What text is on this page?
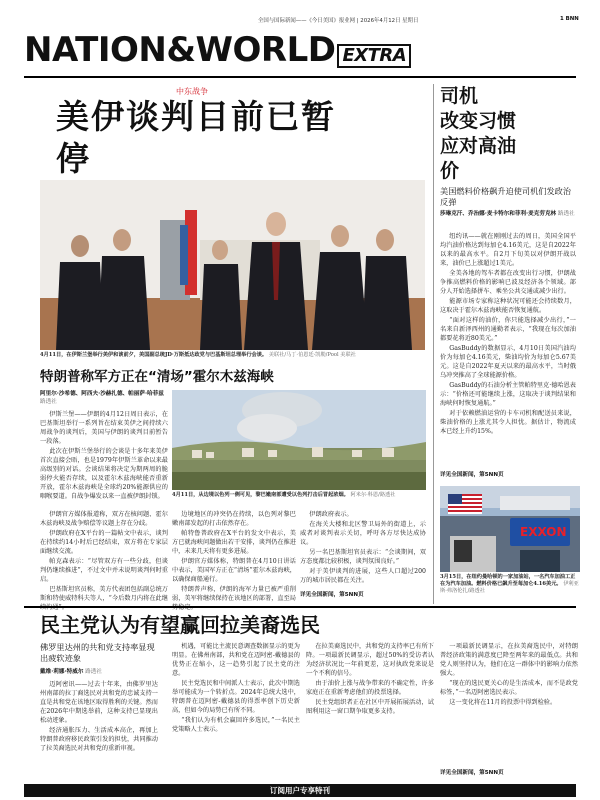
全国与国际新闻——《今日美国》报业网 | 2026年4月12日 星期日	1 BNN
NATION&WORLD EXTRA
中东战争
美伊谈判目前已暂
停
4月11日，在伊斯兰堡举行美伊和谈前夕，美国副总统JD·万斯抵达政党与巴基斯坦总理举行会谈。 美联社/马丁·伯恩廷·凯勒/Pool 美联社
特朗普称军方正在“清场”霍尔木兹海峡
阿里尔·沙希德、阿西夫·沙赫扎德、帕丽萨·哈菲兹 路透社

伊斯兰堡——伊朗的4月12日周日表示，在巴基斯坦举行一系列旨在结束美伊之间持续六周战争的谈判后，美国与伊朗的谈判目前暂告一段落。

此次在伊斯兰堡举行的会谈是十多年来美伊首次直接会晤，也是1979年伊斯兰革命以来最高级别的对话。会谈结果将决定为期两周的脆弱停火能否存续，以及霍尔木兹海峡能否重新开放，霍尔木兹海峡是全球约20%能源供应的咽喉要道。自战争爆发以来一直被伊朗封锁。

伊朗官方媒体报道称，双方在核问题、霍尔木兹海峡及战争赔偿等议题上存在分歧。

伊朗政府在X平台的一篇帖文中表示，谈判在持续约14小时后已经结束，双方将在专家层面继续交流。

帕克森表示：“尽管双方有一些分歧，但谈判仍继续推进”，不过文中并未说明谈判何时重启。

巴基斯坦官员称，美方代表团包括副总统万斯和特使威特科夫等人，“今后数月内将在此继

4月11日，从边境以色列一侧可见，黎巴嫩南部遭受以色列打击后冒起浓烟。 阿米尔·科恩/路透社

边境地区的冲突仍在持续，以色列对黎巴嫩南部发起的打击依然存在。

帕特鲁普政府在X平台的发文中表示，美方已就海峡问题做出若干安排，谈判仍在推进中，未来几天将有更多进展。

伊朗官方媒体称，特朗普在4月10日讲话中表示，美国军方正在“清场”霍尔木兹海峡，以确保商船通行。

特朗普声称，伊朗的海军力量已被严重削弱，美军将继续保持在该地区的部署，直至局

伊朗政府表示。

在海关大楼和北区警卫局外的街道上，示威者对谈判表示关切，呼吁各方尽快达成协议。

另一名巴基斯坦官员表示：“会谈期间，双方态度都比较积极，谈判氛围良好。”

对于美伊谈判的进展，这些人口超过200万的城市居民都在关注。

详见全国新闻，第5NN页
司机
改变习惯
应对高油
价
美国燃料价格飙升迫使司机们发政治反弹
莎琳克汗、乔治娜·麦卡特尔和菲利·麦克劳克林 路透社

纽约讯——就在刚刚过去的周日，美国全国平均汽油价格达到每加仑4.16美元，这是自2022年以来的最高水平。自2月下旬美以对伊朗开战以来，油价已上涨超过1美元。

全美各地的驾车者都在改变出行习惯，伊朗战争推高燃料价格的影响已波及经济各个领域。部分人开始选择拼车、乘坐公共交通或减少出行。

能源市场专家称这种状况可能还会持续数月，这取决于霍尔木兹海峡能否恢复通航。

“面对这样的油价，你只能选择减少出行，”一名来自新泽西州的通勤者表示，“我现在每次加油都要花将近80美元。”

GasBuddy的数据显示，4月10日美国汽油均价为每加仑4.16美元，柴油均价为每加仑5.67美元。这是自2022年夏天以来的最高水平，当时俄乌冲突推高了全球能源价格。

GasBuddy的石油分析主管帕特里克·德哈恩表示：“价格还可能继续上涨，这取决于谈判结果和海峡何时恢复通航。”

对于依赖燃油运营的卡车司机和配送员来说，柴油价格的上涨尤其令人担忧。据估计，物流成本已经上升约15%。

详见全国新闻，第5NN页
EXXON
3月15日，在纽约曼哈顿的一家加油站，一名汽车加油工正在为汽车加油。燃料价格已飙升至每加仑4.16美元。 伊利亚斯·弗洛伦扎/路透社
民主党认为有望赢回拉美裔选民
佛罗里达州的共和党支持率显现出疲软迹象
戴维·莉娜·特威尔 路透社

迈阿密讯——过去十年来，由佛罗里达州南部的拉丁裔选民对共和党的忠诚支持一直是共和党在该地区取得胜利的关键。然而在2026年中期选举前，这种支持已显现出松动迹象。

经济通胀压力、生活成本高企，再加上特朗普政府移民政策引发的担忧，共同推动了拉美裔选民对共和党的重新审视。

机遇，可能比主流民意调查数据显示的更为明显。在佛州南部，共和党在迈阿密-戴德县的优势正在缩小，这一趋势引起了民主党的注意。

民主党选民和中间派人士表示，此次中期选举可能成为一个转折点。2024年总统大选中，特朗普在迈阿密-戴德县的得票率创下历史新高，但如今的局势已有所不同。

“我们认为有机会赢回许多选民，”一名民主党策略人士表示。

在拉美裔选民中，共和党的支持率已有所下降。一项最新民调显示，超过50%的受访者认为经济状况比一年前更差，这对执政党来说是一个不利的信号。

由于油价上涨与战争带来的不确定性，许多家庭正在重新考虑他们的投票选择。

民主党组织者正在社区中开展拓展活动，试图利用这一窗口期争取更多支持。

一项最新民调显示，在拉美裔选民中，对特朗普经济政策的满意度已降至两年来的最低点。共和党人则坚持认为，他们在这一群体中的影响力依然强大。

“现在的选民更关心的是生活成本，而不是政党标签，”一名迈阿密选民表示。

这一变化将在11月的投票中得到检验。

详见全国新闻，第5NN页
订阅用户专享特刊
